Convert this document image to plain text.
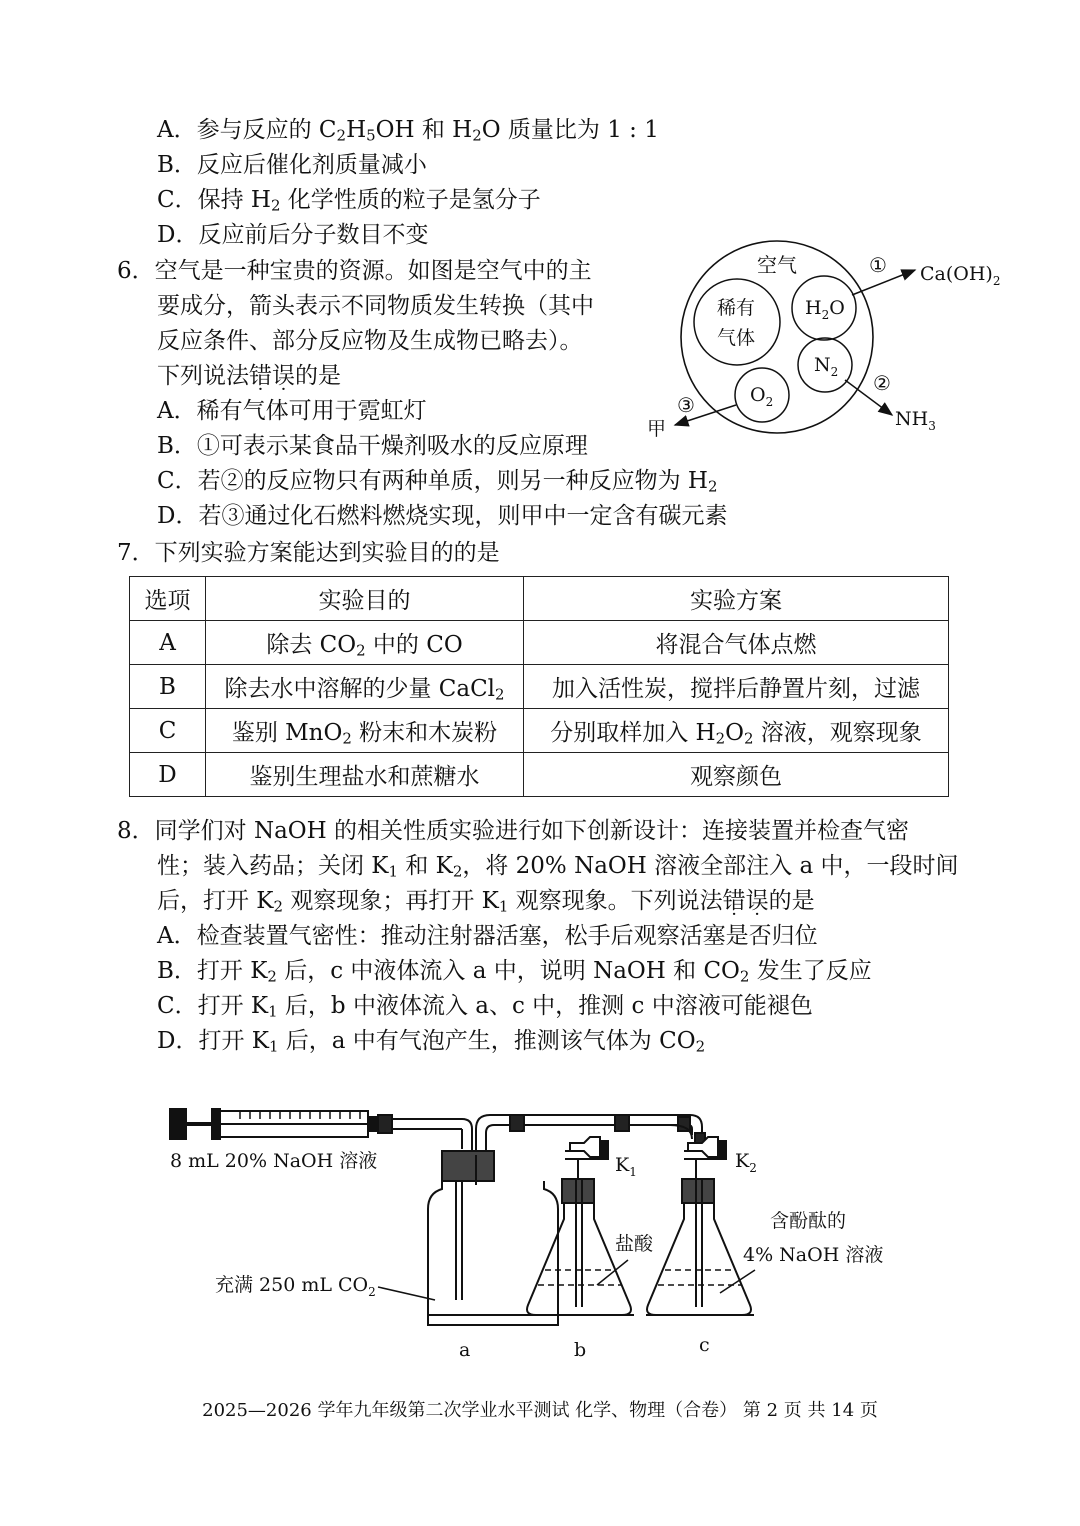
A．参与反应的 $C_2H_5OH$ 和 $H_2O$ 质量比为 1 : 1
B．反应后催化剂质量减小
C．保持 $H_2$ 化学性质的粒子是氢分子
D．反应前后分子数目不变
6．空气是一种宝贵的资源。如图是空气中的主
要成分，箭头表示不同物质发生转换（其中
反应条件、部分反应物及生成物已略去）。
下列说法错误的是
A．稀有气体可用于霓虹灯
B．①可表示某食品干燥剂吸水的反应原理
C．若②的反应物只有两种单质，则另一种反应物为 $H_2$
D．若③通过化石燃料燃烧实现，则甲中一定含有碳元素
空气
稀有
气体
$H_2O$
$N_2$
$O_2$
① $Ca(OH)_2$
②
$NH_3$
③
甲
7．下列实验方案能达到实验目的的是
选项	实验目的	实验方案
A	除去 $CO_2$ 中的 CO	将混合气体点燃
B	除去水中溶解的少量 CaCl$_2$	加入活性炭，搅拌后静置片刻，过滤
C	鉴别 MnO$_2$ 粉末和木炭粉	分别取样加入 $H_2O_2$ 溶液，观察现象
D	鉴别生理盐水和蔗糖水	观察颜色
8．同学们对 NaOH 的相关性质实验进行如下创新设计：连接装置并检查气密
性；装入药品；关闭 $K_1$ 和 $K_2$，将 20% NaOH 溶液全部注入 a 中，一段时间
后，打开 $K_2$ 观察现象；再打开 $K_1$ 观察现象。下列说法错误的是
A．检查装置气密性：推动注射器活塞，松手后观察活塞是否归位
B．打开 $K_2$ 后，c 中液体流入 a 中，说明 NaOH 和 $CO_2$ 发生了反应
C．打开 $K_1$ 后，b 中液体流入 a、c 中，推测 c 中溶液可能褪色
D．打开 $K_1$ 后，a 中有气泡产生，推测该气体为 $CO_2$
8 mL 20% NaOH 溶液
充满 250 mL $CO_2$
$K_1$
盐酸
$K_2$
含酚酞的
4% NaOH 溶液
a	b	c
2025—2026 学年九年级第二次学业水平测试 化学、物理（合卷） 第 2 页 共 14 页
